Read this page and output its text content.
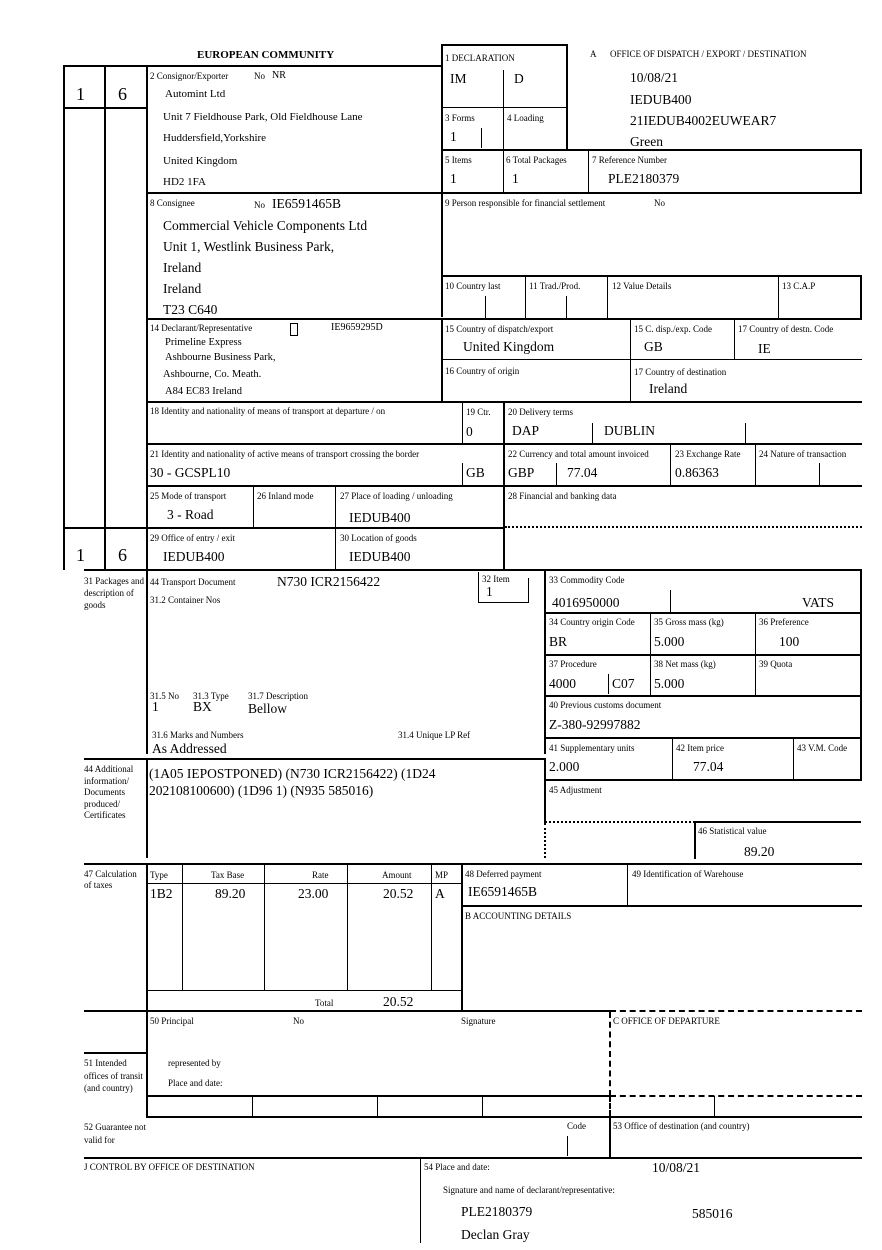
EUROPEAN COMMUNITY	A OFFICE OF DISPATCH / EXPORT / DESTINATION
10/08/21
IEDUB400
21IEDUB4002EUWEAR7
Green
1 6
1 6
1 DECLARATION
IM	D
2 Consignor/Exporter	No NR
Automint Ltd
Unit 7 Fieldhouse Park, Old Fieldhouse Lane
Huddersfield,Yorkshire
United Kingdom
HD2 1FA
3 Forms
1
4 Loading
5 Items
1
6 Total Packages
1
7 Reference Number
PLE2180379
8 Consignee	No IE6591465B
Commercial Vehicle Components Ltd
Unit 1, Westlink Business Park,
Ireland
Ireland
T23 C640
9 Person responsible for financial settlement	No
10 Country last	11 Trad./Prod.	12 Value Details	13 C.A.P
14 Declarant/Representative	IE9659295D
Primeline Express
Ashbourne Business Park,
Ashbourne, Co. Meath.
A84 EC83 Ireland
15 Country of dispatch/export
United Kingdom
15 C. disp./exp. Code
GB
17 Country of destn. Code
IE
16 Country of origin	17 Country of destination
Ireland
18 Identity and nationality of means of transport at departure / on	19 Ctr.
0
20 Delivery terms
DAP	DUBLIN
21 Identity and nationality of active means of transport crossing the border
30 - GCSPL10	GB
22 Currency and total amount invoiced
GBP 77.04
23 Exchange Rate
0.86363
24 Nature of transaction
25 Mode of transport
3 - Road
26 Inland mode	27 Place of loading / unloading
IEDUB400
28 Financial and banking data
29 Office of entry / exit
IEDUB400
30 Location of goods
IEDUB400
31 Packages and description of goods
44 Transport Document	N730 ICR2156422
31.2 Container Nos
32 Item
1
31.5 No
1
31.3 Type
BX
31.7 Description
Bellow
31.6 Marks and Numbers
As Addressed
31.4 Unique LP Ref
33 Commodity Code
4016950000	VATS
34 Country origin Code
BR
35 Gross mass (kg)
5.000
36 Preference
100
37 Procedure
4000	C07
38 Net mass (kg)
5.000
39 Quota
40 Previous customs document
Z-380-92997882
41 Supplementary units
2.000
42 Item price
77.04
43 V.M. Code
44 Additional information/ Documents produced/ Certificates
(1A05 IEPOSTPONED) (N730 ICR2156422) (1D24
202108100600) (1D96 1) (N935 585016)	45 Adjustment
46 Statistical value
89.20
47 Calculation of taxes
Type	Tax Base	Rate	Amount	MP
1B2	89.20	23.00	20.52 A
Total	20.52
48 Deferred payment
IE6591465B
49 Identification of Warehouse
B ACCOUNTING DETAILS
50 Principal	No	Signature	C OFFICE OF DEPARTURE
represented by
Place and date:
51 Intended offices of transit (and country)
52 Guarantee not valid for
Code	53 Office of destination (and country)
J CONTROL BY OFFICE OF DESTINATION	54 Place and date:	10/08/21
Signature and name of declarant/representative:
PLE2180379	585016
Declan Gray
